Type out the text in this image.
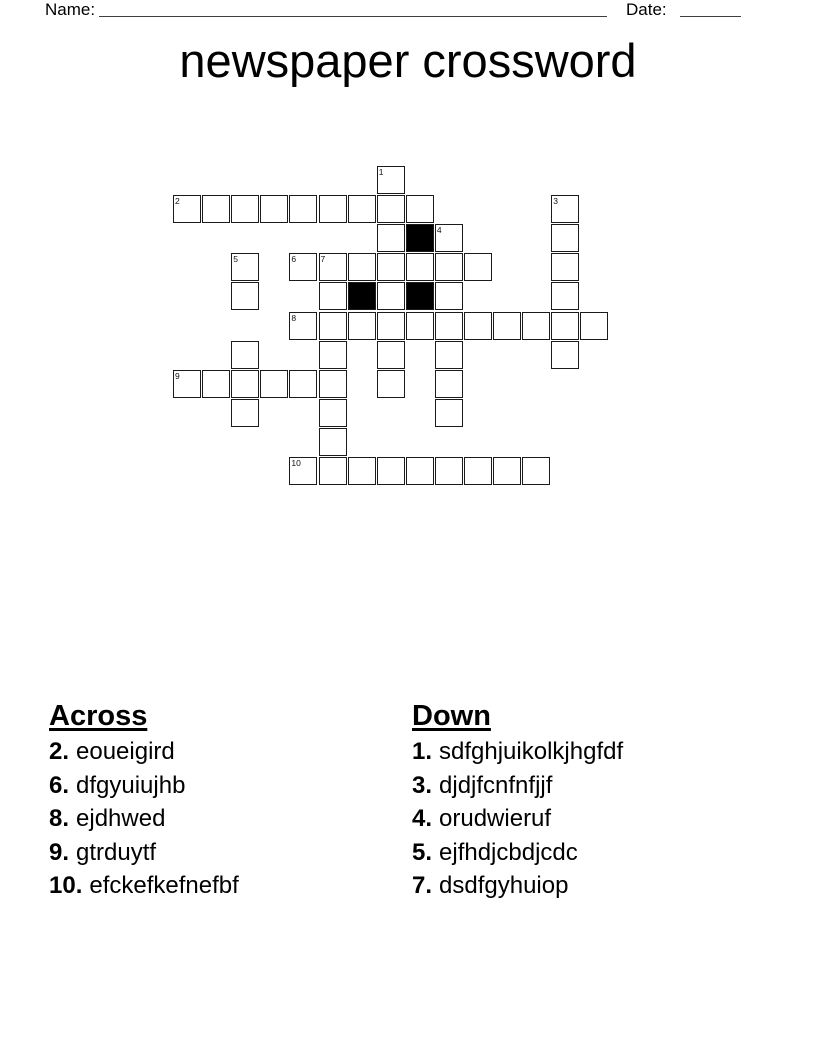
Name:	Date:
newspaper crossword
1
2	3
4
5	6	7
8
9
10
Across
2. eoueigird
6. dfgyuiujhb
8. ejdhwed
9. gtrduytf
10. efckefkefnefbf
Down
1. sdfghjuikolkjhgfdf
3. djdjfcnfnfjjf
4. orudwieruf
5. ejfhdjcbdjcdc
7. dsdfgyhuiop
